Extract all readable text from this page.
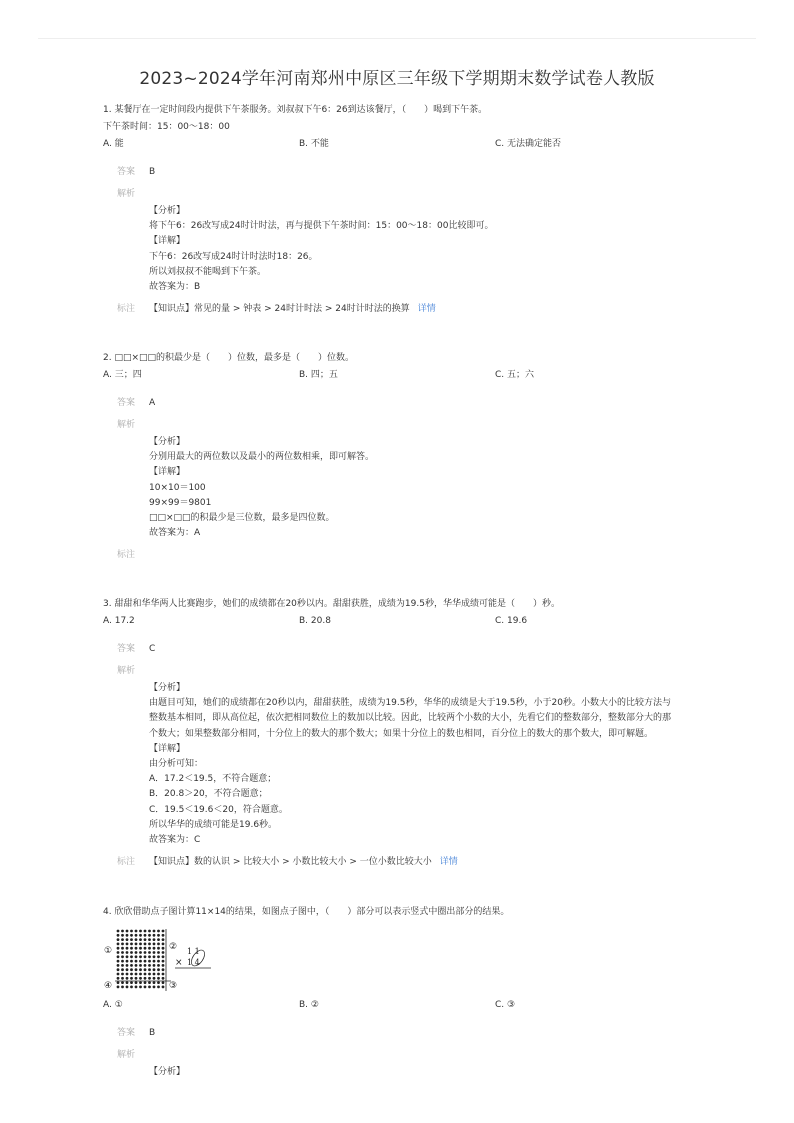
2023~2024学年河南郑州中原区三年级下学期期末数学试卷人教版
1. 某餐厅在一定时间段内提供下午茶服务。刘叔叔下午6：26到达该餐厅，（　　）喝到下午茶。
下午茶时间：15：00～18：00
A. 能	B. 不能	C. 无法确定能否
答案 B
解析
【分析】
将下午6：26改写成24时计时法，再与提供下午茶时间：15：00～18：00比较即可。
【详解】
下午6：26改写成24时计时法时18：26。
所以刘叔叔不能喝到下午茶。
故答案为：B
标注 【知识点】常见的量 > 钟表 > 24时计时法 > 24时计时法的换算 详情
2. □□×□□的积最少是（　　）位数，最多是（　　）位数。
A. 三；四	B. 四；五	C. 五；六
答案 A
解析
【分析】
分别用最大的两位数以及最小的两位数相乘，即可解答。
【详解】
10×10＝100
99×99＝9801
□□×□□的积最少是三位数，最多是四位数。
故答案为：A
标注
3. 甜甜和华华两人比赛跑步，她们的成绩都在20秒以内。甜甜获胜，成绩为19.5秒，华华成绩可能是（　　）秒。
A. 17.2	B. 20.8	C. 19.6
答案 C
解析
【分析】
由题目可知，她们的成绩都在20秒以内，甜甜获胜，成绩为19.5秒，华华的成绩是大于19.5秒，小于20秒。小数大小的比较方法与整数基本相同，即从高位起，依次把相同数位上的数加以比较。因此，比较两个小数的大小，先看它们的整数部分，整数部分大的那个数大；如果整数部分相同，十分位上的数大的那个数大；如果十分位上的数也相同，百分位上的数大的那个数大，即可解题。
【详解】
由分析可知：
A．17.2＜19.5，不符合题意；
B．20.8＞20，不符合题意；
C．19.5＜19.6＜20，符合题意。
所以华华的成绩可能是19.6秒。
故答案为：C
标注 【知识点】数的认识 > 比较大小 > 小数比较大小 > 一位小数比较大小 详情
4. 欣欣借助点子图计算11×14的结果，如图点子图中，（　　）部分可以表示竖式中圈出部分的结果。
①	②
③
④
1 1
× 1 4
A. ①	B. ②	C. ③
答案 B
解析
【分析】
